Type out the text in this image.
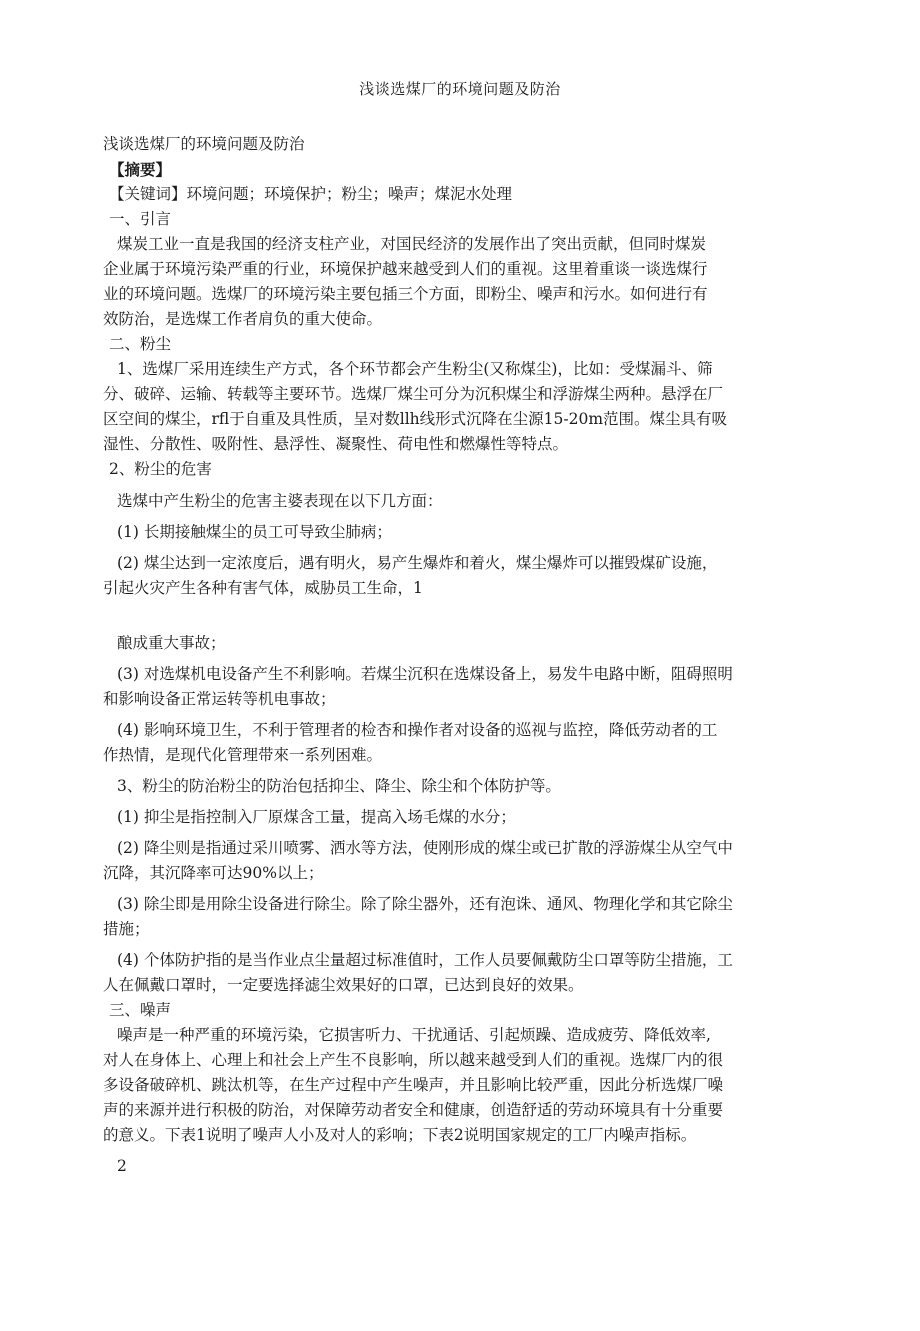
浅谈选煤厂的环境问题及防治
浅谈选煤厂的环境问题及防治
【摘要】
【关键词】环境问题；环境保护；粉尘；噪声；煤泥水处理
一、引言
煤炭工业一直是我国的经济支柱产业，对国民经济的发展作出了突出贡献，但同时煤炭
企业属于环境污染严重的行业，环境保护越来越受到人们的重视。这里着重谈一谈选煤行
业的环境问题。选煤厂的环境污染主要包插三个方面，即粉尘、噪声和污水。如何进行有
效防治，是选煤工作者肩负的重大使命。
二、粉尘
1、选煤厂采用连续生产方式，各个环节都会产生粉尘(又称煤尘)，比如：受煤漏斗、筛
分、破碎、运输、转载等主要环节。选煤厂煤尘可分为沉积煤尘和浮游煤尘两种。悬浮在厂
区空间的煤尘，rfl于自重及具性质，呈对数llh线形式沉降在尘源15-20m范围。煤尘具有吸
湿性、分散性、吸附性、悬浮性、凝聚性、荷电性和燃爆性等特点。
2、粉尘的危害
选煤中产生粉尘的危害主婆表现在以下几方面：
(1) 长期接触煤尘的员工可导致尘肺病；
(2) 煤尘达到一定浓度后，遇有明火，易产生爆炸和着火，煤尘爆炸可以摧毁煤矿设施，
引起火灾产生各种有害气体，威胁员工生命，1
酿成重大事故；
(3) 对选煤机电设备产生不利影响。若煤尘沉积在选煤设备上，易发牛电路中断，阻碍照明
和影响设备正常运转等机电事故；
(4) 影响环境卫生，不利于管理者的检杏和操作者对设备的巡视与监控，降低劳动者的工
作热情，是现代化管理带來一系列困难。
3、粉尘的防治粉尘的防治包括抑尘、降尘、除尘和个体防护等。
(1) 抑尘是指控制入厂原煤含工量，提高入场毛煤的水分；
(2) 降尘则是指通过采川喷雾、洒水等方法，使刚形成的煤尘或已扩散的浮游煤尘从空气中
沉降，其沉降率可达90%以上；
(3) 除尘即是用除尘设备进行除尘。除了除尘器外，还有泡诛、通风、物理化学和其它除尘
措施；
(4) 个体防护指的是当作业点尘量超过标准值时，工作人员要佩戴防尘口罩等防尘措施，工
人在佩戴口罩时，一定要选择滤尘效果好的口罩，已达到良好的效果。
三、噪声
噪声是一种严重的环境污染，它损害听力、干扰通话、引起烦躁、造成疲劳、降低效率,
对人在身体上、心理上和社会上产生不良影响，所以越来越受到人们的重视。选煤厂内的很
多设备破碎机、跳汰机等，在生产过程中产生噪声，并且影响比较严重，因此分析选煤厂噪
声的来源并进行积极的防治，对保障劳动者安全和健康，创造舒适的劳动环境具有十分重要
的意义。下表1说明了噪声人小及对人的彩响；下表2说明国家规定的工厂内噪声指标。
2
